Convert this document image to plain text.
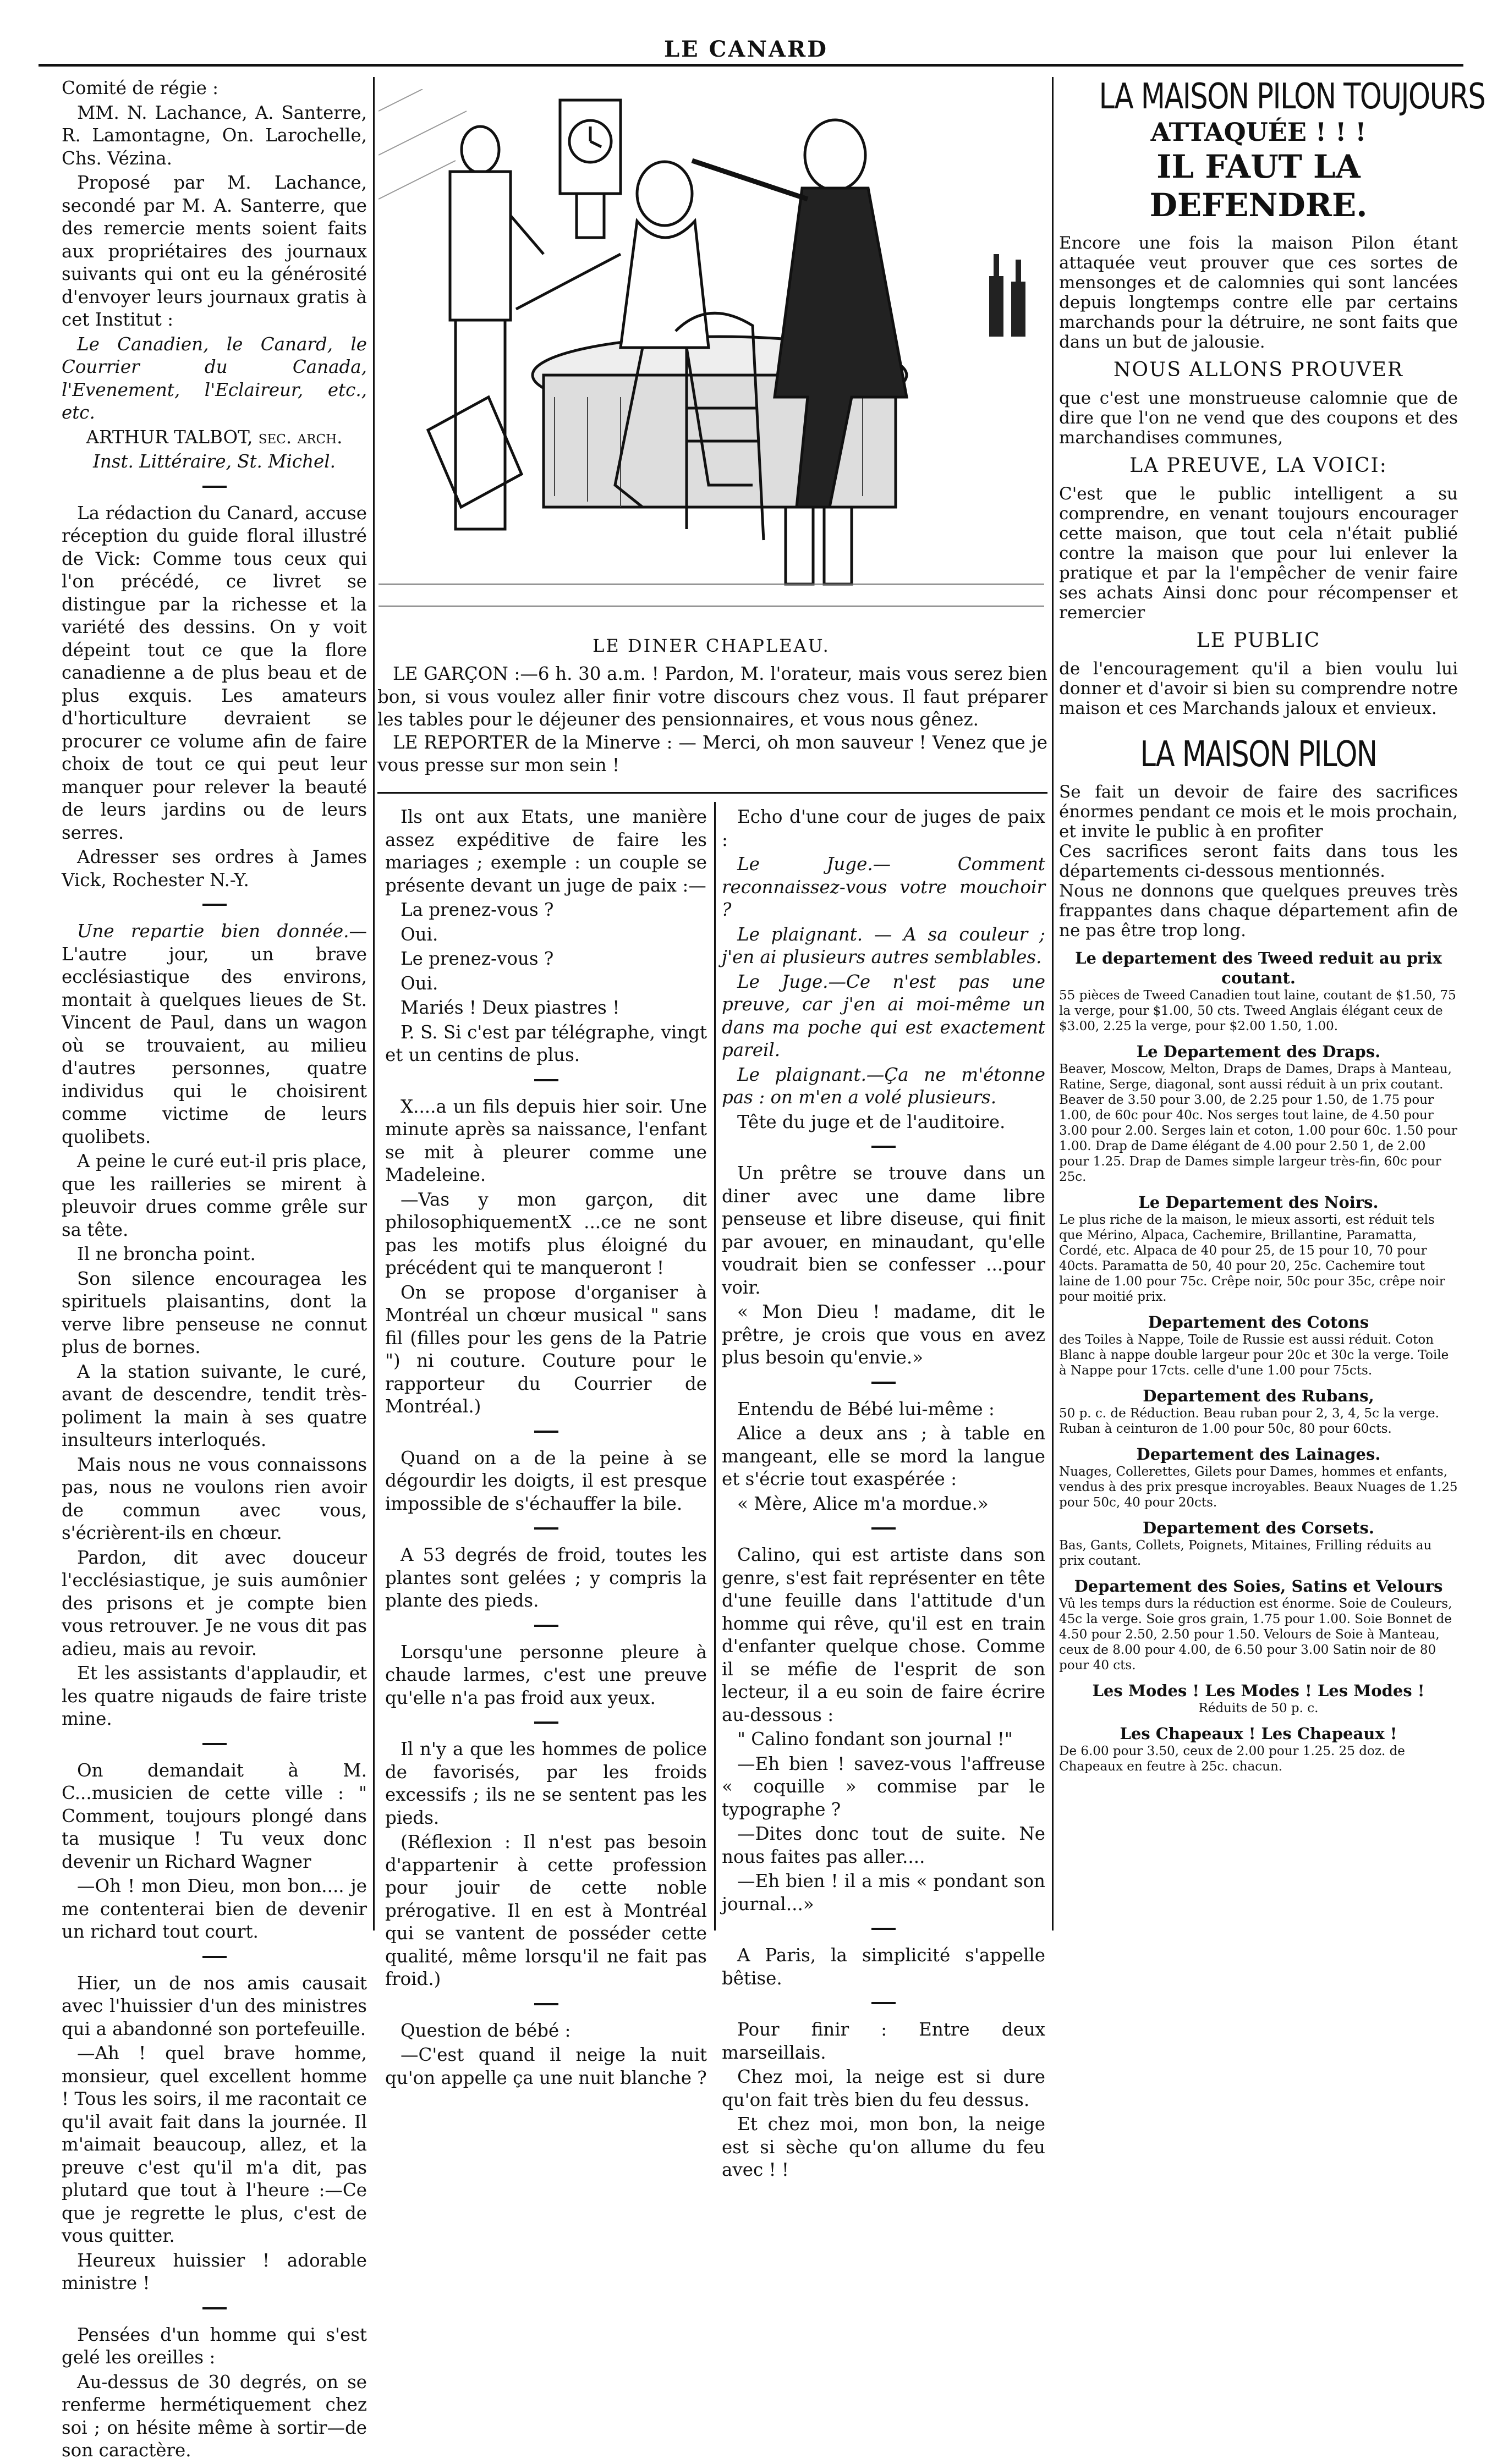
LE CANARD

Comité de régie :

MM. N. Lachance, A. Santerre, R. Lamontagne, On. Larochelle, Chs. Vézina.

Proposé par M. Lachance, secondé par M. A. Santerre, que des remercie ments soient faits aux propriétaires des journaux suivants qui ont eu la générosité d'envoyer leurs journaux gratis à cet Institut :

Le Canadien, le Canard, le Courrier du Canada, l'Evenement, l'Eclaireur, etc., etc.

ARTHUR TALBOT, sec. arch.

Inst. Littéraire, St. Michel.

La rédaction du Canard, accuse réception du guide floral illustré de Vick: Comme tous ceux qui l'on précédé, ce livret se distingue par la richesse et la variété des dessins. On y voit dépeint tout ce que la flore canadienne a de plus beau et de plus exquis. Les amateurs d'horticulture devraient se procurer ce volume afin de faire choix de tout ce qui peut leur manquer pour relever la beauté de leurs jardins ou de leurs serres.

Adresser ses ordres à James Vick, Rochester N.-Y.

Une repartie bien donnée.—L'autre jour, un brave ecclésiastique des environs, montait à quelques lieues de St. Vincent de Paul, dans un wagon où se trouvaient, au milieu d'autres personnes, quatre individus qui le choisirent comme victime de leurs quolibets.

A peine le curé eut-il pris place, que les railleries se mirent à pleuvoir drues comme grêle sur sa tête.

Il ne broncha point.

Son silence encouragea les spirituels plaisantins, dont la verve libre penseuse ne connut plus de bornes.

A la station suivante, le curé, avant de descendre, tendit très-poliment la main à ses quatre insulteurs interloqués.

Mais nous ne vous connaissons pas, nous ne voulons rien avoir de commun avec vous, s'écrièrent-ils en chœur.

Pardon, dit avec douceur l'ecclésiastique, je suis aumônier des prisons et je compte bien vous retrouver. Je ne vous dit pas adieu, mais au revoir.

Et les assistants d'applaudir, et les quatre nigauds de faire triste mine.

On demandait à M. C...musicien de cette ville : " Comment, toujours plongé dans ta musique ! Tu veux donc devenir un Richard Wagner

—Oh ! mon Dieu, mon bon.... je me contenterai bien de devenir un richard tout court.

Hier, un de nos amis causait avec l'huissier d'un des ministres qui a abandonné son portefeuille.

—Ah ! quel brave homme, monsieur, quel excellent homme ! Tous les soirs, il me racontait ce qu'il avait fait dans la journée. Il m'aimait beaucoup, allez, et la preuve c'est qu'il m'a dit, pas plutard que tout à l'heure :—Ce que je regrette le plus, c'est de vous quitter.

Heureux huissier ! adorable ministre !

Pensées d'un homme qui s'est gelé les oreilles :

Au-dessus de 30 degrés, on se renferme hermétiquement chez soi ; on hésite même à sortir—de son caractère.

LE DINER CHAPLEAU.

LE GARÇON :—6 h. 30 a.m. ! Pardon, M. l'orateur, mais vous serez bien bon, si vous voulez aller finir votre discours chez vous. Il faut préparer les tables pour le déjeuner des pensionnaires, et vous nous gênez.

LE REPORTER de la Minerve : — Merci, oh mon sauveur ! Venez que je vous presse sur mon sein !

Ils ont aux Etats, une manière assez expéditive de faire les mariages ; exemple : un couple se présente devant un juge de paix :—

La prenez-vous ?

Oui.

Le prenez-vous ?

Oui.

Mariés ! Deux piastres !

P. S. Si c'est par télégraphe, vingt et un centins de plus.

X....a un fils depuis hier soir. Une minute après sa naissance, l'enfant se mit à pleurer comme une Madeleine.

—Vas y mon garçon, dit philosophiquementX ...ce ne sont pas les motifs plus éloigné du précédent qui te manqueront !

On se propose d'organiser à Montréal un chœur musical " sans fil (filles pour les gens de la Patrie ") ni couture. Couture pour le rapporteur du Courrier de Montréal.)

Quand on a de la peine à se dégourdir les doigts, il est presque impossible de s'échauffer la bile.

A 53 degrés de froid, toutes les plantes sont gelées ; y compris la plante des pieds.

Lorsqu'une personne pleure à chaude larmes, c'est une preuve qu'elle n'a pas froid aux yeux.

Il n'y a que les hommes de police de favorisés, par les froids excessifs ; ils ne se sentent pas les pieds.

(Réflexion : Il n'est pas besoin d'appartenir à cette profession pour jouir de cette noble prérogative. Il en est à Montréal qui se vantent de posséder cette qualité, même lorsqu'il ne fait pas froid.)

Question de bébé :

—C'est quand il neige la nuit qu'on appelle ça une nuit blanche ?

Echo d'une cour de juges de paix :

Le Juge.— Comment reconnaissez-vous votre mouchoir ?

Le plaignant. — A sa couleur ; j'en ai plusieurs autres semblables.

Le Juge.—Ce n'est pas une preuve, car j'en ai moi-même un dans ma poche qui est exactement pareil.

Le plaignant.—Ça ne m'étonne pas : on m'en a volé plusieurs.

Tête du juge et de l'auditoire.

Un prêtre se trouve dans un diner avec une dame libre penseuse et libre diseuse, qui finit par avouer, en minaudant, qu'elle voudrait bien se confesser ...pour voir.

« Mon Dieu ! madame, dit le prêtre, je crois que vous en avez plus besoin qu'envie.»

Entendu de Bébé lui-même :

Alice a deux ans ; à table en mangeant, elle se mord la langue et s'écrie tout exaspérée :

« Mère, Alice m'a mordue.»

Calino, qui est artiste dans son genre, s'est fait représenter en tête d'une feuille dans l'attitude d'un homme qui rêve, qu'il est en train d'enfanter quelque chose. Comme il se méfie de l'esprit de son lecteur, il a eu soin de faire écrire au-dessous :

" Calino fondant son journal !"

—Eh bien ! savez-vous l'affreuse « coquille » commise par le typographe ?

—Dites donc tout de suite. Ne nous faites pas aller....

—Eh bien ! il a mis « pondant son journal...»

A Paris, la simplicité s'appelle bêtise.

Pour finir : Entre deux marseillais.

Chez moi, la neige est si dure qu'on fait très bien du feu dessus.

Et chez moi, mon bon, la neige est si sèche qu'on allume du feu avec ! !

LA MAISON PILON TOUJOURS
ATTAQUÉE ! ! !
IL FAUT LA DEFENDRE.

Encore une fois la maison Pilon étant attaquée veut prouver que ces sortes de mensonges et de calomnies qui sont lancées depuis longtemps contre elle par certains marchands pour la détruire, ne sont faits que dans un but de jalousie.

NOUS ALLONS PROUVER

que c'est une monstrueuse calomnie que de dire que l'on ne vend que des coupons et des marchandises communes,

LA PREUVE, LA VOICI:

C'est que le public intelligent a su comprendre, en venant toujours encourager cette maison, que tout cela n'était publié contre la maison que pour lui enlever la pratique et par la l'empêcher de venir faire ses achats Ainsi donc pour récompenser et remercier

LE PUBLIC

de l'encouragement qu'il a bien voulu lui donner et d'avoir si bien su comprendre notre maison et ces Marchands jaloux et envieux.

LA MAISON PILON

Se fait un devoir de faire des sacrifices énormes pendant ce mois et le mois prochain, et invite le public à en profiter

Ces sacrifices seront faits dans tous les départements ci-dessous mentionnés.

Nous ne donnons que quelques preuves très frappantes dans chaque département afin de ne pas être trop long.

Le departement des Tweed reduit au prix coutant.

55 pièces de Tweed Canadien tout laine, coutant de $1.50, 75 la verge, pour $1.00, 50 cts. Tweed Anglais élégant ceux de $3.00, 2.25 la verge, pour $2.00 1.50, 1.00.

Le Departement des Draps.

Beaver, Moscow, Melton, Draps de Dames, Draps à Manteau, Ratine, Serge, diagonal, sont aussi réduit à un prix coutant. Beaver de 3.50 pour 3.00, de 2.25 pour 1.50, de 1.75 pour 1.00, de 60c pour 40c. Nos serges tout laine, de 4.50 pour 3.00 pour 2.00. Serges lain et coton, 1.00 pour 60c. 1.50 pour 1.00. Drap de Dame élégant de 4.00 pour 2.50 1, de 2.00 pour 1.25. Drap de Dames simple largeur très-fin, 60c pour 25c.

Le Departement des Noirs.

Le plus riche de la maison, le mieux assorti, est réduit tels que Mérino, Alpaca, Cachemire, Brillantine, Paramatta, Cordé, etc. Alpaca de 40 pour 25, de 15 pour 10, 70 pour 40cts. Paramatta de 50, 40 pour 20, 25c. Cachemire tout laine de 1.00 pour 75c. Crêpe noir, 50c pour 35c, crêpe noir pour moitié prix.

Departement des Cotons

des Toiles à Nappe, Toile de Russie est aussi réduit. Coton Blanc à nappe double largeur pour 20c et 30c la verge. Toile à Nappe pour 17cts. celle d'une 1.00 pour 75cts.

Departement des Rubans,

50 p. c. de Réduction. Beau ruban pour 2, 3, 4, 5c la verge. Ruban à ceinturon de 1.00 pour 50c, 80 pour 60cts.

Departement des Lainages.

Nuages, Collerettes, Gilets pour Dames, hommes et enfants, vendus à des prix presque incroyables. Beaux Nuages de 1.25 pour 50c, 40 pour 20cts.

Departement des Corsets.

Bas, Gants, Collets, Poignets, Mitaines, Frilling réduits au prix coutant.

Departement des Soies, Satins et Velours

Vû les temps durs la réduction est énorme. Soie de Couleurs, 45c la verge. Soie gros grain, 1.75 pour 1.00. Soie Bonnet de 4.50 pour 2.50, 2.50 pour 1.50. Velours de Soie à Manteau, ceux de 8.00 pour 4.00, de 6.50 pour 3.00 Satin noir de 80 pour 40 cts.

Les Modes ! Les Modes ! Les Modes !

Réduits de 50 p. c.

Les Chapeaux ! Les Chapeaux !

De 6.00 pour 3.50, ceux de 2.00 pour 1.25. 25 doz. de Chapeaux en feutre à 25c. chacun.
